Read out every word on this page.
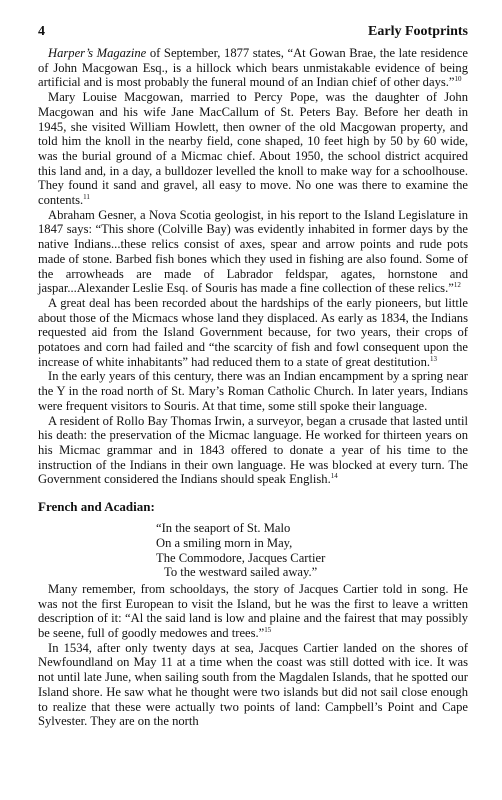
4	Early Footprints

Harper’s Magazine of September, 1877 states, “At Gowan Brae, the late residence of John Macgowan Esq., is a hillock which bears unmistakable evidence of being artificial and is most probably the funeral mound of an Indian chief of other days.”$^{10}$

Mary Louise Macgowan, married to Percy Pope, was the daughter of John Macgowan and his wife Jane MacCallum of St. Peters Bay. Before her death in 1945, she visited William Howlett, then owner of the old Macgowan property, and told him the knoll in the nearby field, cone shaped, 10 feet high by 50 by 60 wide, was the burial ground of a Micmac chief. About 1950, the school district acquired this land and, in a day, a bulldozer levelled the knoll to make way for a schoolhouse. They found it sand and gravel, all easy to move. No one was there to examine the contents.$^{11}$

Abraham Gesner, a Nova Scotia geologist, in his report to the Island Legislature in 1847 says: “This shore (Colville Bay) was evidently inhabited in former days by the native Indians...these relics consist of axes, spear and arrow points and rude pots made of stone. Barbed fish bones which they used in fishing are also found. Some of the arrowheads are made of Labrador feldspar, agates, hornstone and jaspar...Alexander Leslie Esq. of Souris has made a fine collection of these relics.”$^{12}$

A great deal has been recorded about the hardships of the early pioneers, but little about those of the Micmacs whose land they displaced. As early as 1834, the Indians requested aid from the Island Government because, for two years, their crops of potatoes and corn had failed and “the scarcity of fish and fowl consequent upon the increase of white inhabitants” had reduced them to a state of great destitution.$^{13}$

In the early years of this century, there was an Indian encampment by a spring near the Y in the road north of St. Mary’s Roman Catholic Church. In later years, Indians were frequent visitors to Souris. At that time, some still spoke their language.

A resident of Rollo Bay Thomas Irwin, a surveyor, began a crusade that lasted until his death: the preservation of the Micmac language. He worked for thirteen years on his Micmac grammar and in 1843 offered to donate a year of his time to the instruction of the Indians in their own language. He was blocked at every turn. The Government considered the Indians should speak English.$^{14}$

French and Acadian:
“In the seaport of St. Malo
On a smiling morn in May,
The Commodore, Jacques Cartier
To the westward sailed away.”

Many remember, from schooldays, the story of Jacques Cartier told in song. He was not the first European to visit the Island, but he was the first to leave a written description of it: “Al the said land is low and plaine and the fairest that may possibly be seene, full of goodly medowes and trees.”$^{15}$

In 1534, after only twenty days at sea, Jacques Cartier landed on the shores of Newfoundland on May 11 at a time when the coast was still dotted with ice. It was not until late June, when sailing south from the Magdalen Islands, that he spotted our Island shore. He saw what he thought were two islands but did not sail close enough to realize that these were actually two points of land: Campbell’s Point and Cape Sylvester. They are on the north
